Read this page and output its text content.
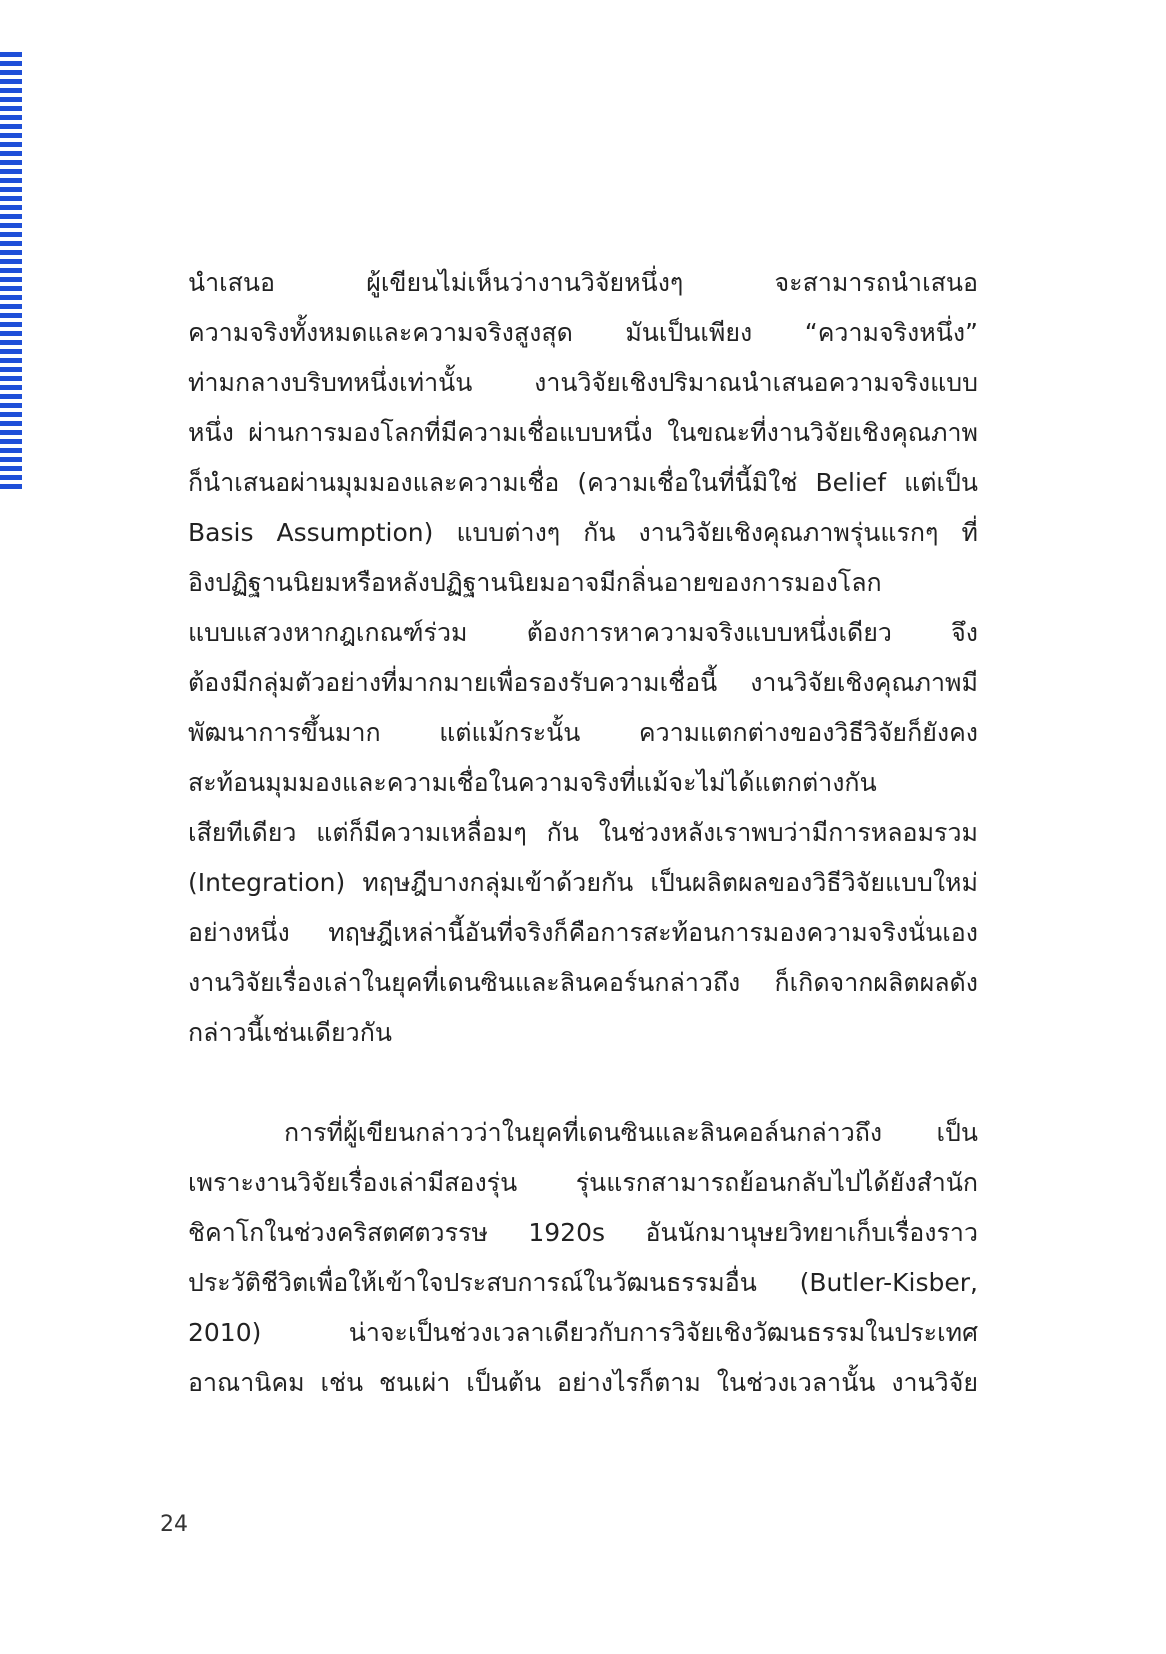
นำเสนอ ผู้เขียนไม่เห็นว่างานวิจัยหนึ่งๆ จะสามารถนำเสนอ
ความจริงทั้งหมดและความจริงสูงสุด มันเป็นเพียง “ความจริงหนึ่ง”
ท่ามกลางบริบทหนึ่งเท่านั้น งานวิจัยเชิงปริมาณนำเสนอความจริงแบบ
หนึ่ง ผ่านการมองโลกที่มีความเชื่อแบบหนึ่ง ในขณะที่งานวิจัยเชิงคุณภาพ
ก็นำเสนอผ่านมุมมองและความเชื่อ (ความเชื่อในที่นี้มิใช่ Belief แต่เป็น
Basis Assumption) แบบต่างๆ กัน งานวิจัยเชิงคุณภาพรุ่นแรกๆ ที่
อิงปฏิฐานนิยมหรือหลังปฏิฐานนิยมอาจมีกลิ่นอายของการมองโลก
แบบแสวงหากฎเกณฑ์ร่วม ต้องการหาความจริงแบบหนึ่งเดียว จึง
ต้องมีกลุ่มตัวอย่างที่มากมายเพื่อรองรับความเชื่อนี้ งานวิจัยเชิงคุณภาพมี
พัฒนาการขึ้นมาก แต่แม้กระนั้น ความแตกต่างของวิธีวิจัยก็ยังคง
สะท้อนมุมมองและความเชื่อในความจริงที่แม้จะไม่ได้แตกต่างกัน
เสียทีเดียว แต่ก็มีความเหลื่อมๆ กัน ในช่วงหลังเราพบว่ามีการหลอมรวม
(Integration) ทฤษฎีบางกลุ่มเข้าด้วยกัน เป็นผลิตผลของวิธีวิจัยแบบใหม่
อย่างหนึ่ง ทฤษฎีเหล่านี้อันที่จริงก็คือการสะท้อนการมองความจริงนั่นเอง
งานวิจัยเรื่องเล่าในยุคที่เดนซินและลินคอร์นกล่าวถึง ก็เกิดจากผลิตผลดัง
กล่าวนี้เช่นเดียวกัน
การที่ผู้เขียนกล่าวว่าในยุคที่เดนซินและลินคอล์นกล่าวถึง เป็น
เพราะงานวิจัยเรื่องเล่ามีสองรุ่น รุ่นแรกสามารถย้อนกลับไปได้ยังสำนัก
ชิคาโกในช่วงคริสตศตวรรษ 1920s อันนักมานุษยวิทยาเก็บเรื่องราว
ประวัติชีวิตเพื่อให้เข้าใจประสบการณ์ในวัฒนธรรมอื่น (Butler-Kisber,
2010) น่าจะเป็นช่วงเวลาเดียวกับการวิจัยเชิงวัฒนธรรมในประเทศ
อาณานิคม เช่น ชนเผ่า เป็นต้น อย่างไรก็ตาม ในช่วงเวลานั้น งานวิจัย
24
